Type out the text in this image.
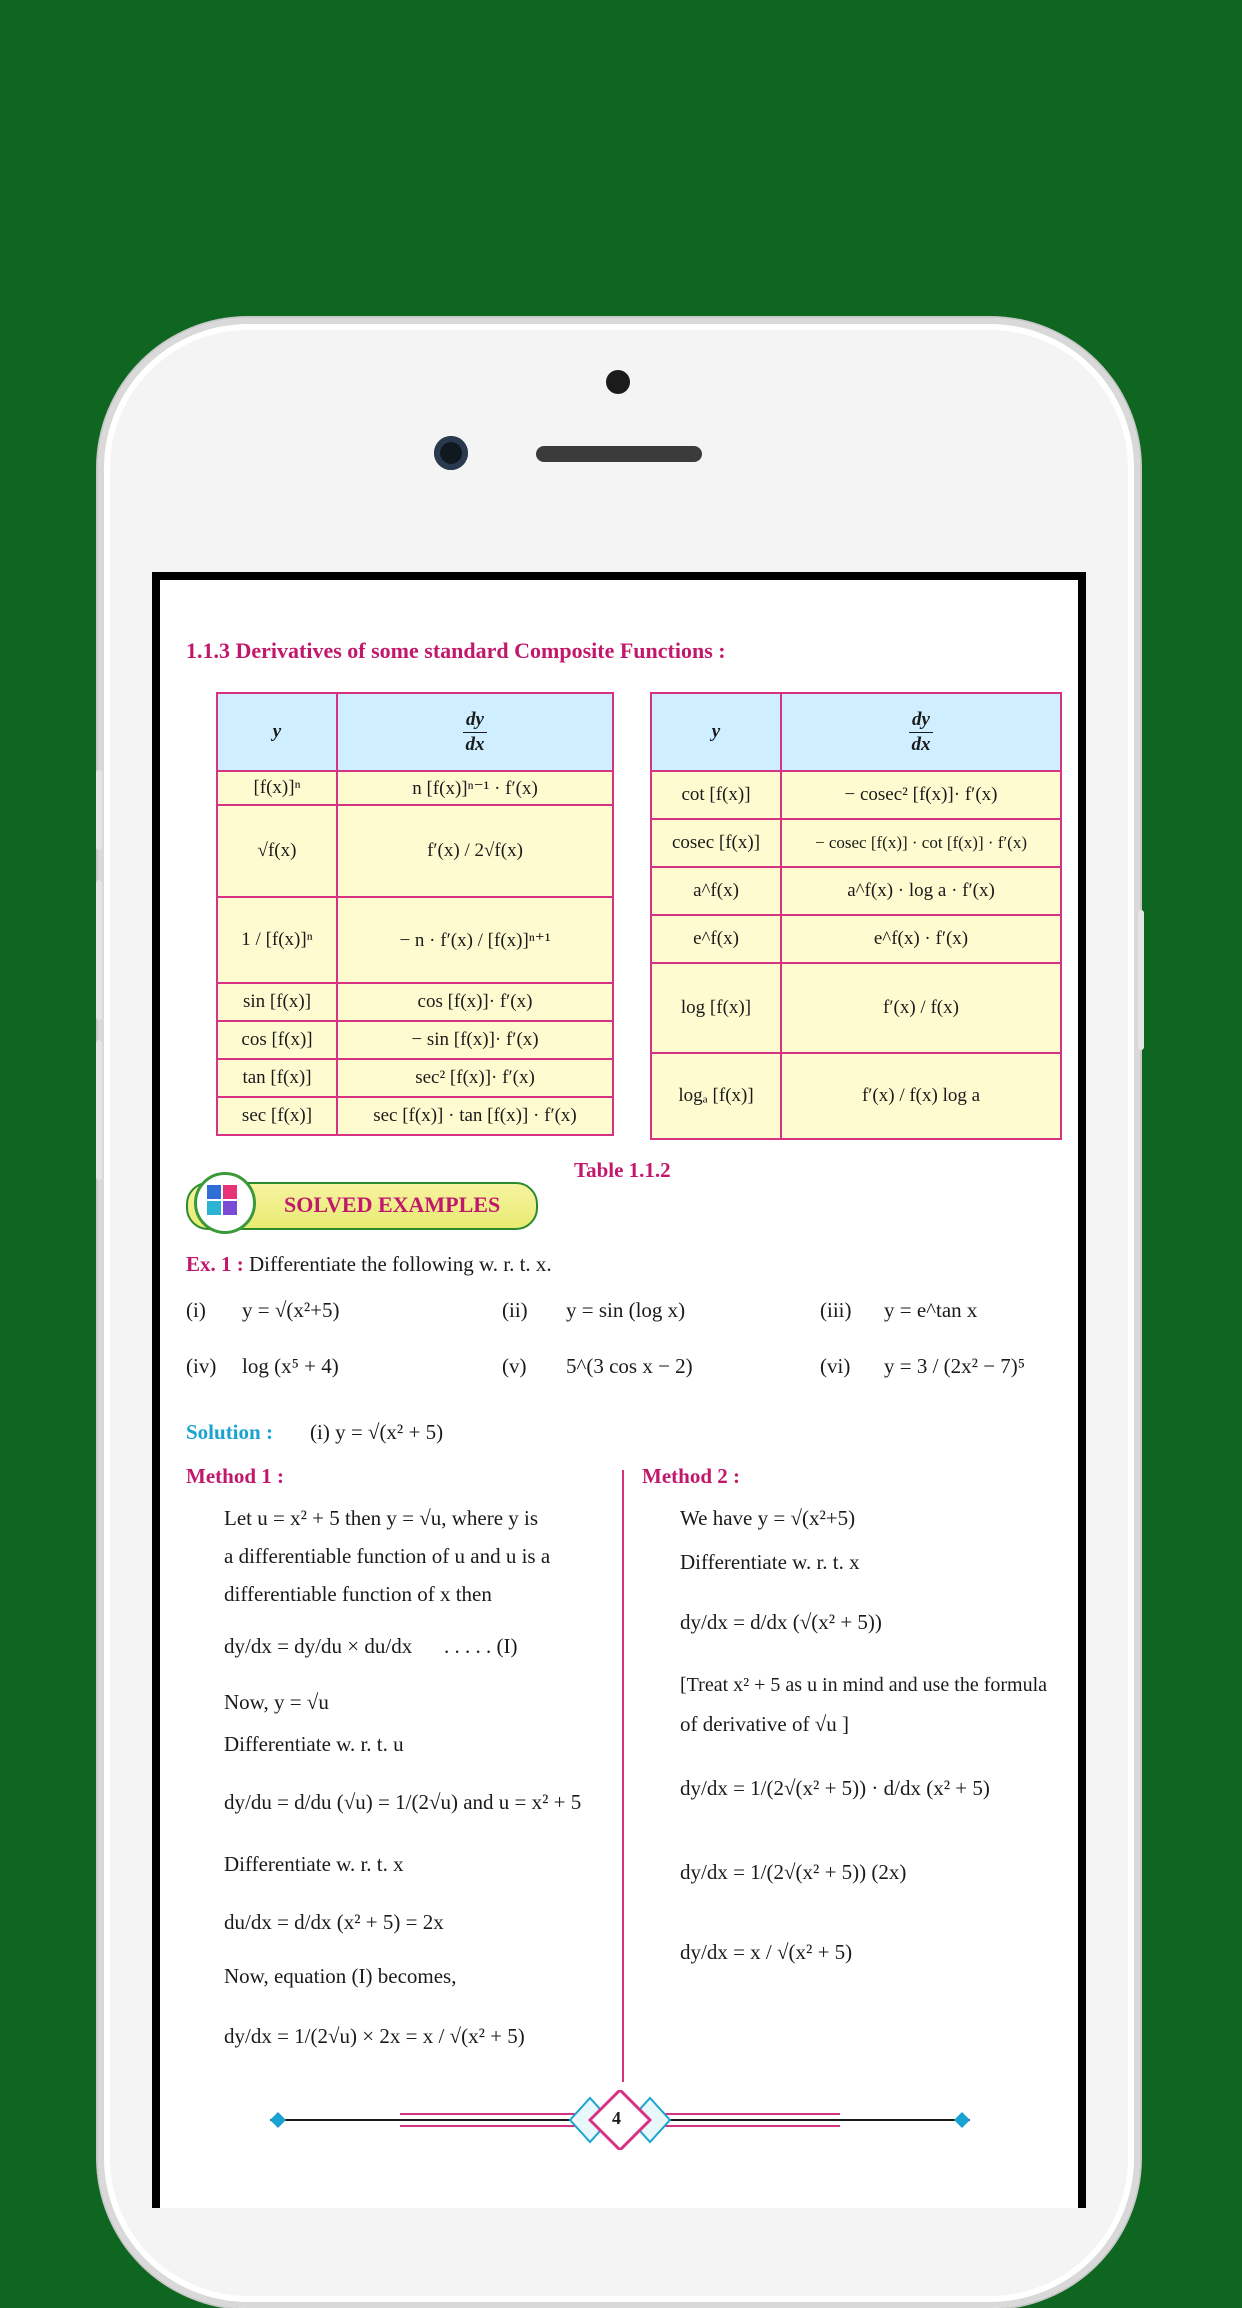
1.1.3 Derivatives of some standard Composite Functions :
y	$\frac{dy}{dx}$

[f(x)]ⁿ	n [f(x)]ⁿ⁻¹ · f′(x)
√f(x)	f′(x) / 2√f(x)
1 / [f(x)]ⁿ	− n · f′(x) / [f(x)]ⁿ⁺¹
sin [f(x)]	cos [f(x)]· f′(x)
cos [f(x)]	− sin [f(x)]· f′(x)
tan [f(x)]	sec² [f(x)]· f′(x)
sec [f(x)]	sec [f(x)] · tan [f(x)] · f′(x)
y	$\frac{dy}{dx}$

cot [f(x)]	− cosec² [f(x)]· f′(x)
cosec [f(x)]	− cosec [f(x)] · cot [f(x)] · f′(x)
a^f(x)	a^f(x) · log a · f′(x)
e^f(x)	e^f(x) · f′(x)
log [f(x)]	f′(x) / f(x)
logₐ [f(x)]	f′(x) / f(x) log a
Table 1.1.2
SOLVED EXAMPLES
Ex. 1 : Differentiate the following w. r. t. x.
(i) y = √(x²+5)	(ii) y = sin (log x)	(iii) y = e^tan x
(iv) log (x⁵ + 4)	(v) 5^(3 cos x − 2)	(vi) y = 3 / (2x² − 7)⁵
Solution : (i) y = √(x² + 5)
Method 1 :
Let u = x² + 5 then y = √u, where y is
a differentiable function of u and u is a
differentiable function of x then
dy/dx = dy/du × du/dx . . . . . (I)
Now, y = √u
Differentiate w. r. t. u
dy/du = d/du (√u) = 1/(2√u) and u = x² + 5
Differentiate w. r. t. x
du/dx = d/dx (x² + 5) = 2x
Now, equation (I) becomes,
dy/dx = 1/(2√u) × 2x = x / √(x² + 5)
Method 2 :
We have y = √(x²+5)
Differentiate w. r. t. x
dy/dx = d/dx (√(x² + 5))
[Treat x² + 5 as u in mind and use the formula
of derivative of √u ]
dy/dx = 1/(2√(x² + 5)) · d/dx (x² + 5)
dy/dx = 1/(2√(x² + 5)) (2x)
dy/dx = x / √(x² + 5)
4
